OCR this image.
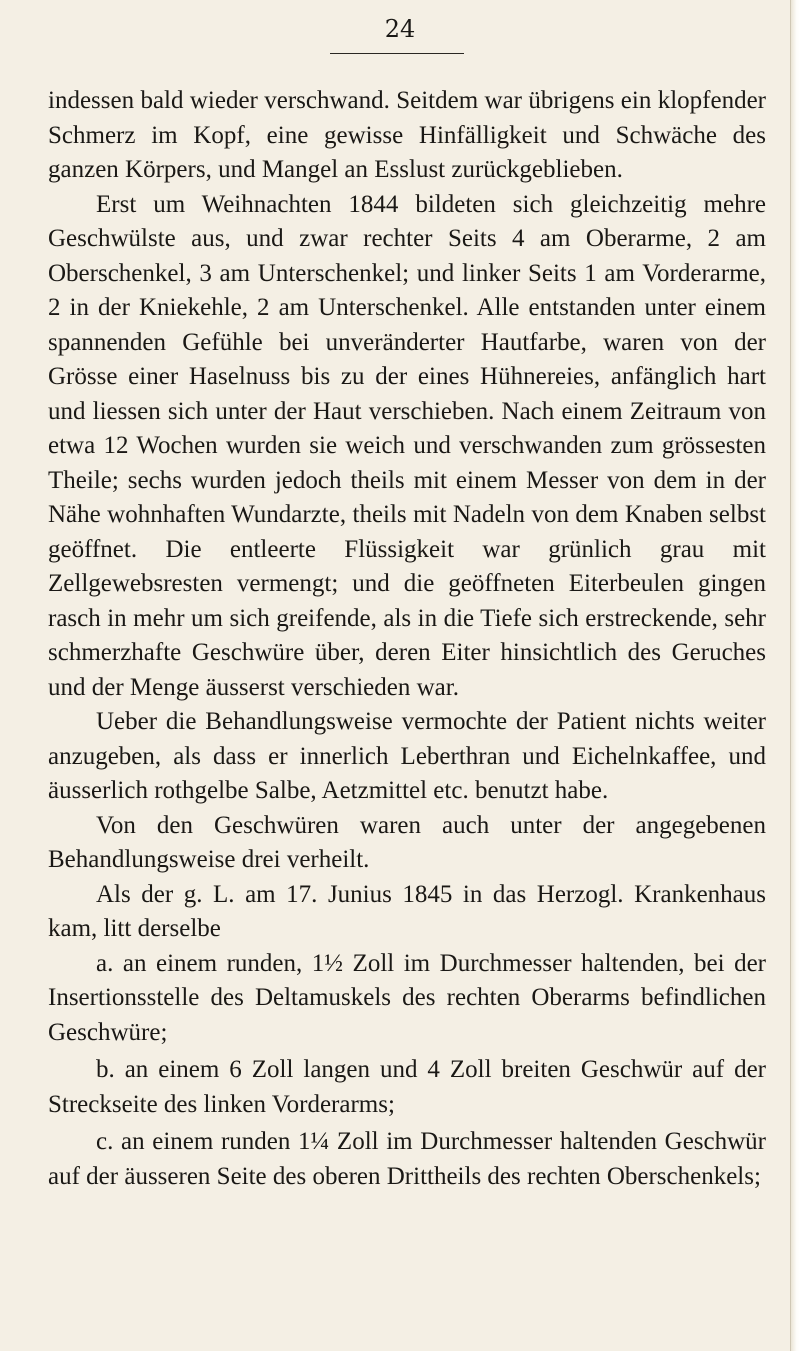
24

indessen bald wieder verschwand. Seitdem war übrigens ein klopfender Schmerz im Kopf, eine gewisse Hinfälligkeit und Schwäche des ganzen Körpers, und Mangel an Esslust zurückgeblieben.

Erst um Weihnachten 1844 bildeten sich gleichzeitig mehre Geschwülste aus, und zwar rechter Seits 4 am Oberarme, 2 am Oberschenkel, 3 am Unterschenkel; und linker Seits 1 am Vorderarme, 2 in der Kniekehle, 2 am Unterschenkel. Alle entstanden unter einem spannenden Gefühle bei unveränderter Hautfarbe, waren von der Grösse einer Haselnuss bis zu der eines Hühnereies, anfänglich hart und liessen sich unter der Haut verschieben. Nach einem Zeitraum von etwa 12 Wochen wurden sie weich und verschwanden zum grössesten Theile; sechs wurden jedoch theils mit einem Messer von dem in der Nähe wohnhaften Wundarzte, theils mit Nadeln von dem Knaben selbst geöffnet. Die entleerte Flüssigkeit war grünlich grau mit Zellgewebsresten vermengt; und die geöffneten Eiterbeulen gingen rasch in mehr um sich greifende, als in die Tiefe sich erstreckende, sehr schmerzhafte Geschwüre über, deren Eiter hinsichtlich des Geruches und der Menge äusserst verschieden war.

Ueber die Behandlungsweise vermochte der Patient nichts weiter anzugeben, als dass er innerlich Leberthran und Eichelnkaffee, und äusserlich rothgelbe Salbe, Aetzmittel etc. benutzt habe.

Von den Geschwüren waren auch unter der angegebenen Behandlungsweise drei verheilt.

Als der g. L. am 17. Junius 1845 in das Herzogl. Krankenhaus kam, litt derselbe

a. an einem runden, 1½ Zoll im Durchmesser haltenden, bei der Insertionsstelle des Deltamuskels des rechten Oberarms befindlichen Geschwüre;

b. an einem 6 Zoll langen und 4 Zoll breiten Geschwür auf der Streckseite des linken Vorderarms;

c. an einem runden 1¼ Zoll im Durchmesser haltenden Geschwür auf der äusseren Seite des oberen Drittheils des rechten Oberschenkels;
